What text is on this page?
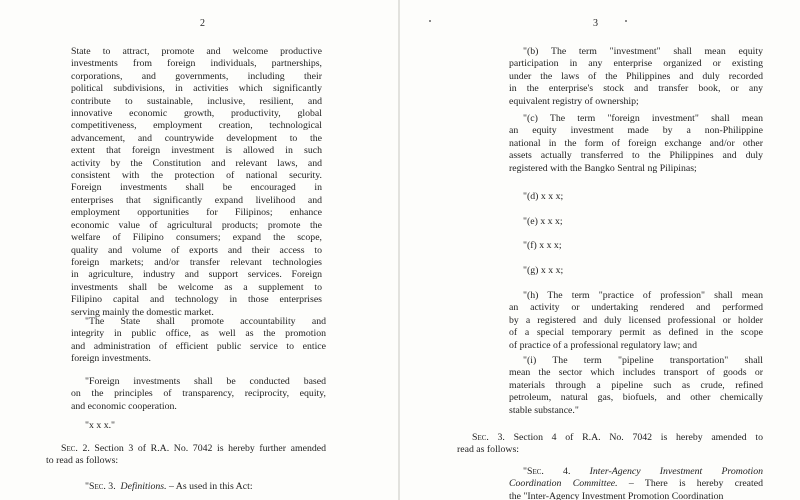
2
State to attract, promote and welcome productive
investments from foreign individuals, partnerships,
corporations, and governments, including their
political subdivisions, in activities which significantly
contribute to sustainable, inclusive, resilient, and
innovative economic growth, productivity, global
competitiveness, employment creation, technological
advancement, and countrywide development to the
extent that foreign investment is allowed in such
activity by the Constitution and relevant laws, and
consistent with the protection of national security.
Foreign investments shall be encouraged in
enterprises that significantly expand livelihood and
employment opportunities for Filipinos; enhance
economic value of agricultural products; promote the
welfare of Filipino consumers; expand the scope,
quality and volume of exports and their access to
foreign markets; and/or transfer relevant technologies
in agriculture, industry and support services. Foreign
investments shall be welcome as a supplement to
Filipino capital and technology in those enterprises
serving mainly the domestic market.
"The State shall promote accountability and
integrity in public office, as well as the promotion
and administration of efficient public service to entice
foreign investments.
"Foreign investments shall be conducted based
on the principles of transparency, reciprocity, equity,
and economic cooperation.
"x x x."
Sec. 2. Section 3 of R.A. No. 7042 is hereby further amended
to read as follows:
"Sec. 3. Definitions. – As used in this Act:
3
"(b) The term "investment" shall mean equity
participation in any enterprise organized or existing
under the laws of the Philippines and duly recorded
in the enterprise's stock and transfer book, or any
equivalent registry of ownership;
"(c) The term "foreign investment" shall mean
an equity investment made by a non-Philippine
national in the form of foreign exchange and/or other
assets actually transferred to the Philippines and duly
registered with the Bangko Sentral ng Pilipinas;
"(d) x x x;
"(e) x x x;
"(f) x x x;
"(g) x x x;
"(h) The term "practice of profession" shall mean
an activity or undertaking rendered and performed
by a registered and duly licensed professional or holder
of a special temporary permit as defined in the scope
of practice of a professional regulatory law; and
"(i) The term "pipeline transportation" shall
mean the sector which includes transport of goods or
materials through a pipeline such as crude, refined
petroleum, natural gas, biofuels, and other chemically
stable substance."
Sec. 3. Section 4 of R.A. No. 7042 is hereby amended to
read as follows:
"Sec. 4. Inter-Agency Investment Promotion
Coordination Committee. – There is hereby created
the "Inter-Agency Investment Promotion Coordination
